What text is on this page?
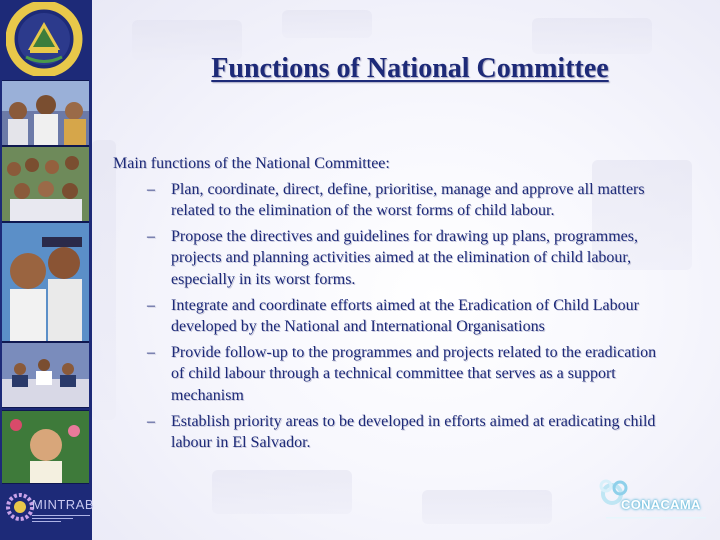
MINTRAB
Functions of National Committee

Main functions of the National Committee:

– Plan, coordinate, direct, define, prioritise, manage and approve all matters related to the elimination of the worst forms of child labour.
– Propose the directives and guidelines for drawing up plans, programmes, projects and planning activities aimed at the elimination of child labour, especially in its worst forms.
– Integrate and coordinate efforts aimed at the Eradication of Child Labour developed by the National and International Organisations
– Provide follow-up to the programmes and projects related to the eradication of child labour through a technical committee that serves as a support mechanism
– Establish priority areas to be developed in efforts aimed at eradicating child labour in El Salvador.
CONACAMA
